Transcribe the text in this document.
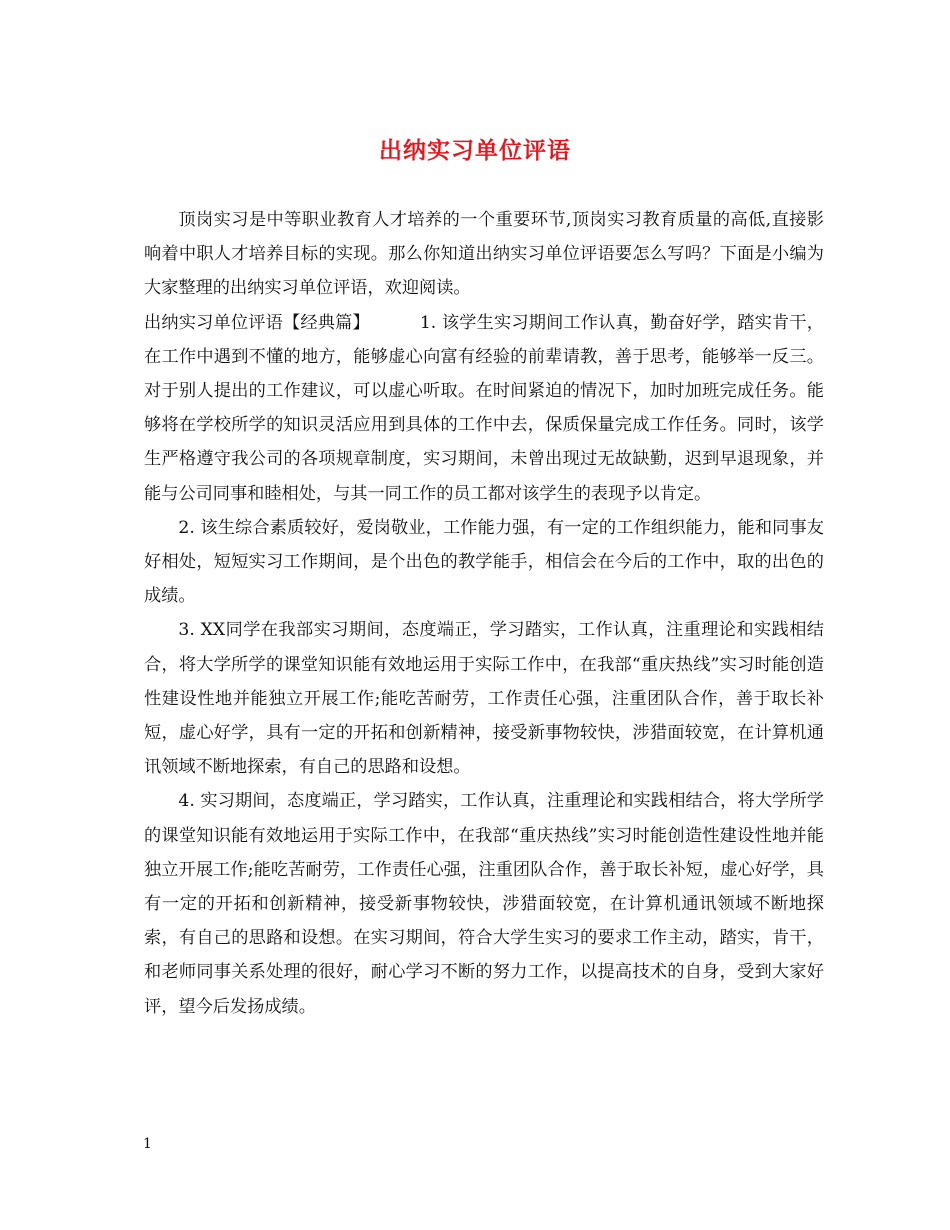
出纳实习单位评语

顶岗实习是中等职业教育人才培养的一个重要环节,顶岗实习教育质量的高低,直接影响着中职人才培养目标的实现。那么你知道出纳实习单位评语要怎么写吗？下面是小编为大家整理的出纳实习单位评语，欢迎阅读。

出纳实习单位评语【经典篇】	1. 该学生实习期间工作认真，勤奋好学，踏实肯干，在工作中遇到不懂的地方，能够虚心向富有经验的前辈请教，善于思考，能够举一反三。对于别人提出的工作建议，可以虚心听取。在时间紧迫的情况下，加时加班完成任务。能够将在学校所学的知识灵活应用到具体的工作中去，保质保量完成工作任务。同时，该学生严格遵守我公司的各项规章制度，实习期间，未曾出现过无故缺勤，迟到早退现象，并能与公司同事和睦相处，与其一同工作的员工都对该学生的表现予以肯定。

2. 该生综合素质较好，爱岗敬业，工作能力强，有一定的工作组织能力，能和同事友好相处，短短实习工作期间，是个出色的教学能手，相信会在今后的工作中，取的出色的成绩。

3. XX同学在我部实习期间，态度端正，学习踏实，工作认真，注重理论和实践相结合，将大学所学的课堂知识能有效地运用于实际工作中，在我部“重庆热线”实习时能创造性建设性地并能独立开展工作;能吃苦耐劳，工作责任心强，注重团队合作，善于取长补短，虚心好学，具有一定的开拓和创新精神，接受新事物较快，涉猎面较宽，在计算机通讯领域不断地探索，有自己的思路和设想。

4. 实习期间，态度端正，学习踏实，工作认真，注重理论和实践相结合，将大学所学的课堂知识能有效地运用于实际工作中，在我部“重庆热线”实习时能创造性建设性地并能独立开展工作;能吃苦耐劳，工作责任心强，注重团队合作，善于取长补短，虚心好学，具有一定的开拓和创新精神，接受新事物较快，涉猎面较宽，在计算机通讯领域不断地探索，有自己的思路和设想。在实习期间，符合大学生实习的要求工作主动，踏实，肯干，和老师同事关系处理的很好，耐心学习不断的努力工作，以提高技术的自身，受到大家好评，望今后发扬成绩。

1
